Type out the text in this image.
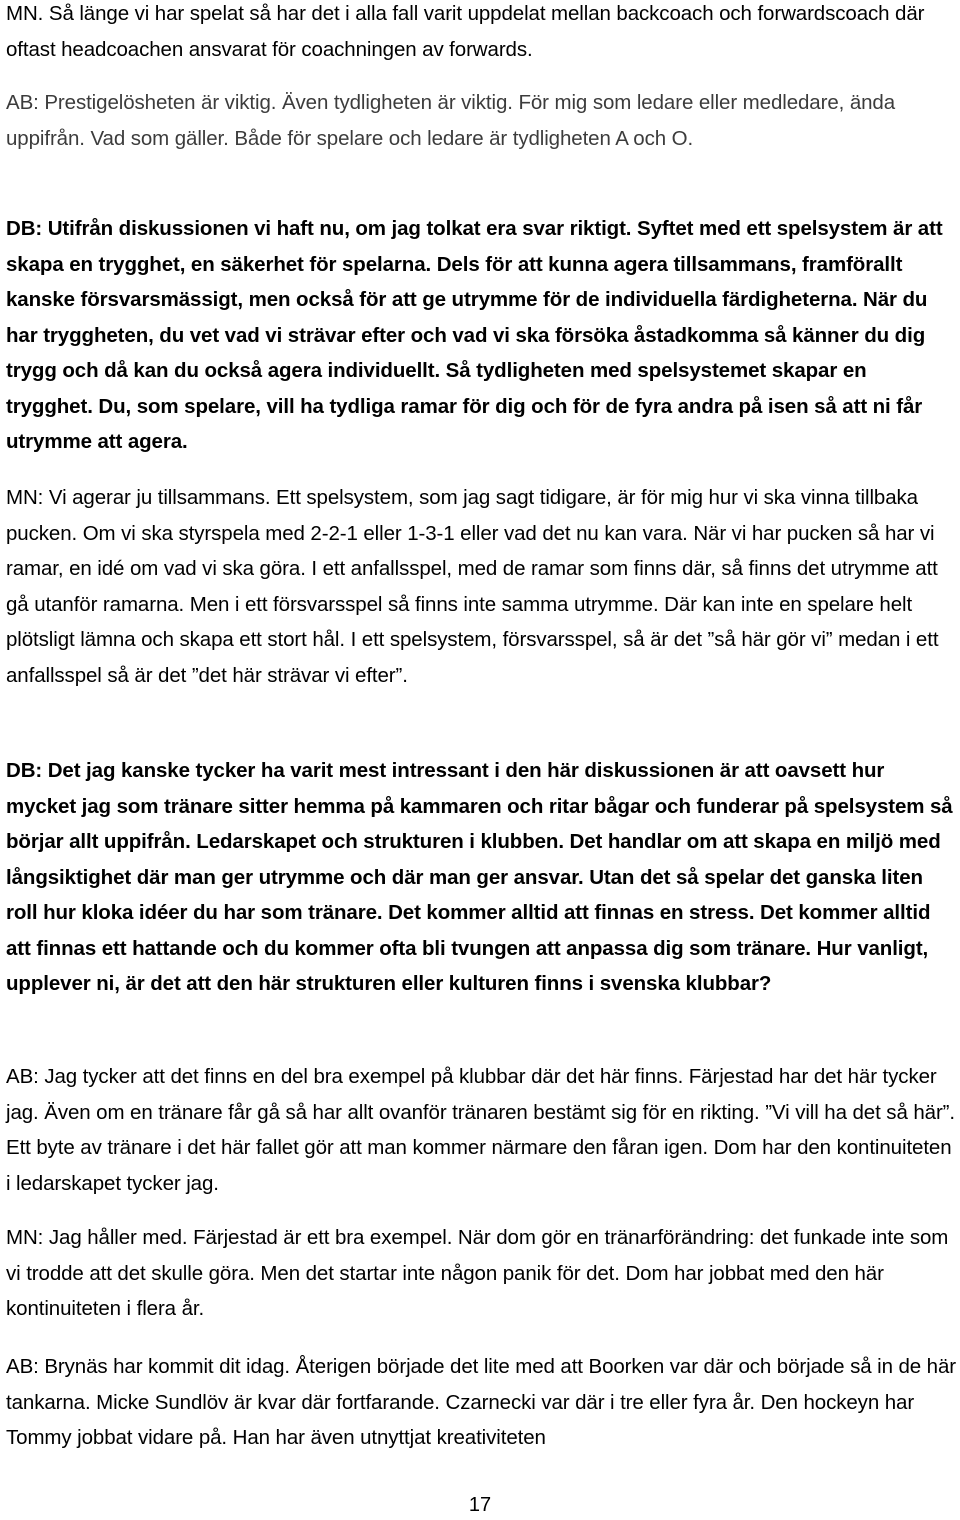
MN. Så länge vi har spelat så har det i alla fall varit uppdelat mellan backcoach och forwardscoach där oftast headcoachen ansvarat för coachningen av forwards.

AB: Prestigelösheten är viktig. Även tydligheten är viktig. För mig som ledare eller medledare, ända uppifrån. Vad som gäller. Både för spelare och ledare är tydligheten A och O.

DB: Utifrån diskussionen vi haft nu, om jag tolkat era svar riktigt. Syftet med ett spelsystem är att skapa en trygghet, en säkerhet för spelarna. Dels för att kunna agera tillsammans, framförallt kanske försvarsmässigt, men också för att ge utrymme för de individuella färdigheterna. När du har tryggheten, du vet vad vi strävar efter och vad vi ska försöka åstadkomma så känner du dig trygg och då kan du också agera individuellt. Så tydligheten med spelsystemet skapar en trygghet. Du, som spelare, vill ha tydliga ramar för dig och för de fyra andra på isen så att ni får utrymme att agera.

MN: Vi agerar ju tillsammans. Ett spelsystem, som jag sagt tidigare, är för mig hur vi ska vinna tillbaka pucken. Om vi ska styrspela med 2-2-1 eller 1-3-1 eller vad det nu kan vara. När vi har pucken så har vi ramar, en idé om vad vi ska göra. I ett anfallsspel, med de ramar som finns där, så finns det utrymme att gå utanför ramarna. Men i ett försvarsspel så finns inte samma utrymme. Där kan inte en spelare helt plötsligt lämna och skapa ett stort hål. I ett spelsystem, försvarsspel, så är det ”så här gör vi” medan i ett anfallsspel så är det ”det här strävar vi efter”.

DB: Det jag kanske tycker ha varit mest intressant i den här diskussionen är att oavsett hur mycket jag som tränare sitter hemma på kammaren och ritar bågar och funderar på spelsystem så börjar allt uppifrån. Ledarskapet och strukturen i klubben. Det handlar om att skapa en miljö med långsiktighet där man ger utrymme och där man ger ansvar. Utan det så spelar det ganska liten roll hur kloka idéer du har som tränare. Det kommer alltid att finnas en stress. Det kommer alltid att finnas ett hattande och du kommer ofta bli tvungen att anpassa dig som tränare. Hur vanligt, upplever ni, är det att den här strukturen eller kulturen finns i svenska klubbar?

AB: Jag tycker att det finns en del bra exempel på klubbar där det här finns. Färjestad har det här tycker jag. Även om en tränare får gå så har allt ovanför tränaren bestämt sig för en rikting. ”Vi vill ha det så här”. Ett byte av tränare i det här fallet gör att man kommer närmare den fåran igen. Dom har den kontinuiteten i ledarskapet tycker jag.

MN: Jag håller med. Färjestad är ett bra exempel. När dom gör en tränarförändring: det funkade inte som vi trodde att det skulle göra. Men det startar inte någon panik för det. Dom har jobbat med den här kontinuiteten i flera år.

AB: Brynäs har kommit dit idag. Återigen började det lite med att Boorken var där och började så in de här tankarna. Micke Sundlöv är kvar där fortfarande. Czarnecki var där i tre eller fyra år. Den hockeyn har Tommy jobbat vidare på. Han har även utnyttjat kreativiteten

17
